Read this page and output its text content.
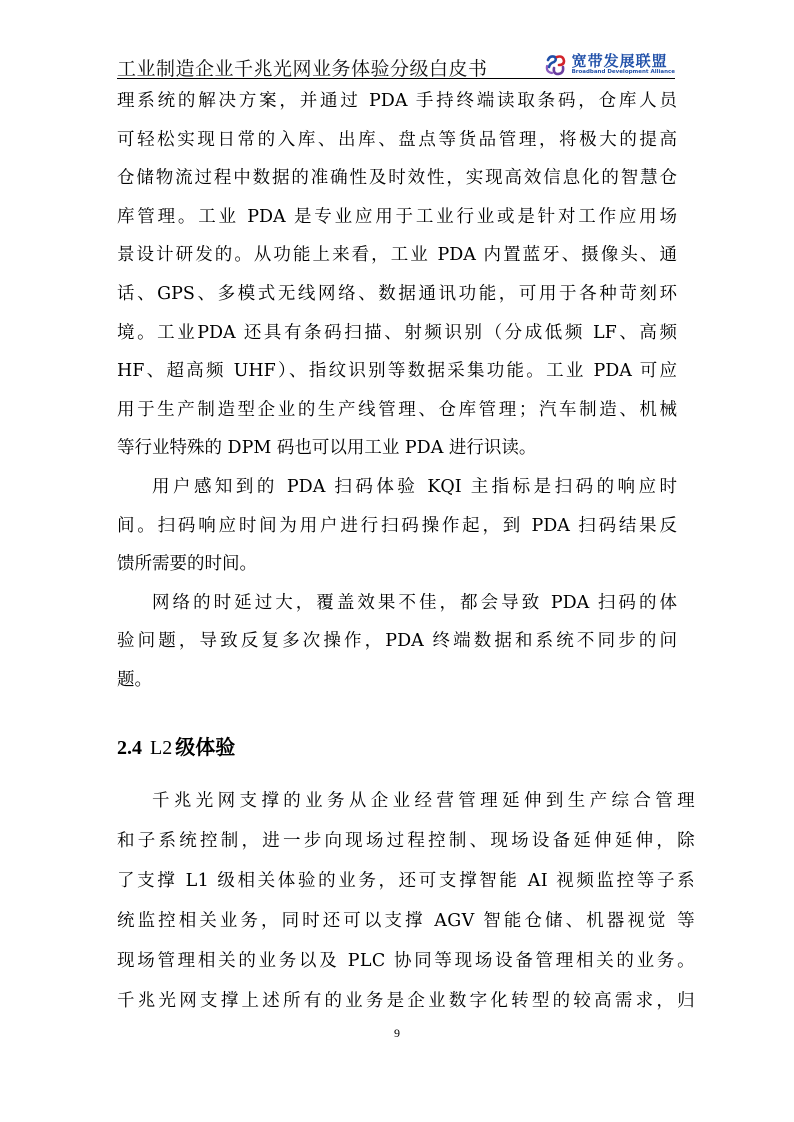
工业制造企业千兆光网业务体验分级白皮书	宽带发展联盟
Broadband Development Alliance
理系统的解决方案，并通过 PDA 手持终端读取条码，仓库人员
可轻松实现日常的入库、出库、盘点等货品管理，将极大的提高
仓储物流过程中数据的准确性及时效性，实现高效信息化的智慧仓
库管理。工业 PDA 是专业应用于工业行业或是针对工作应用场
景设计研发的。从功能上来看，工业 PDA 内置蓝牙、摄像头、通
话、GPS、多模式无线网络、数据通讯功能，可用于各种苛刻环
境。工业PDA 还具有条码扫描、射频识别（分成低频 LF、高频
HF、超高频 UHF）、指纹识别等数据采集功能。工业 PDA 可应
用于生产制造型企业的生产线管理、仓库管理；汽车制造、机械
等行业特殊的 DPM 码也可以用工业 PDA 进行识读。
用户感知到的 PDA 扫码体验 KQI 主指标是扫码的响应时
间。扫码响应时间为用户进行扫码操作起，到 PDA 扫码结果反
馈所需要的时间。
网络的时延过大，覆盖效果不佳，都会导致 PDA 扫码的体
验问题，导致反复多次操作，PDA 终端数据和系统不同步的问
题。
2.4 L2 级体验
千兆光网支撑的业务从企业经营管理延伸到生产综合管理
和子系统控制，进一步向现场过程控制、现场设备延伸延伸，除
了支撑 L1 级相关体验的业务，还可支撑智能 AI 视频监控等子系
统监控相关业务，同时还可以支撑 AGV 智能仓储、机器视觉 等
现场管理相关的业务以及 PLC 协同等现场设备管理相关的业务。
千兆光网支撑上述所有的业务是企业数字化转型的较高需求，归
9
